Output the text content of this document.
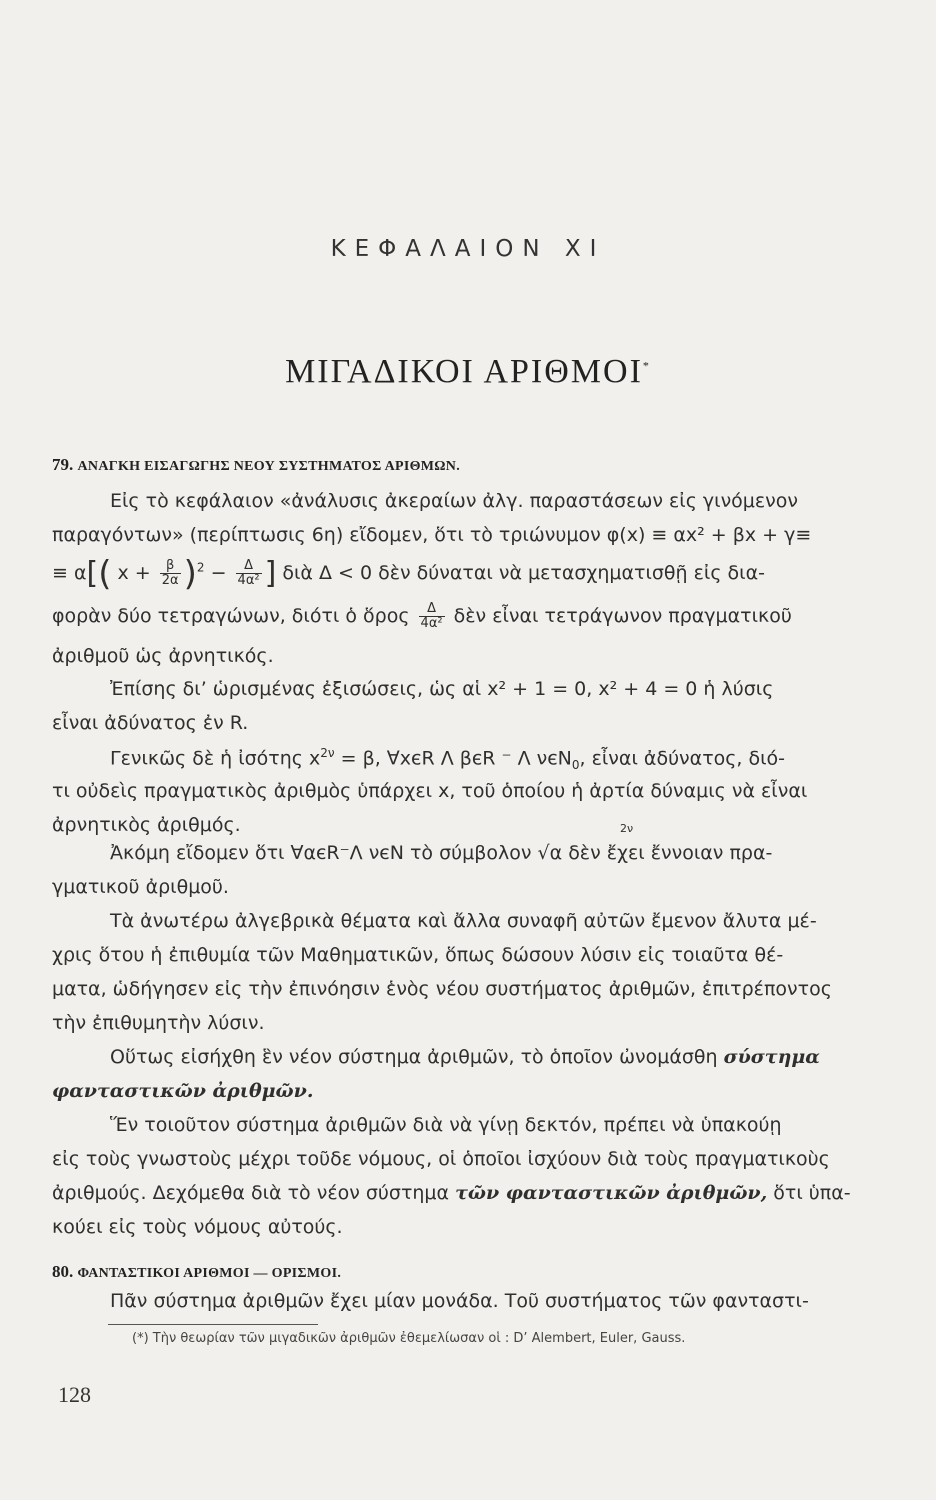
ΚΕΦΑΛΑΙΟΝ ΧΙ
ΜΙΓΑΔΙΚΟΙ ΑΡΙΘΜΟΙ*
79. ΑΝΑΓΚΗ ΕΙΣΑΓΩΓΗΣ ΝΕΟΥ ΣΥΣΤΗΜΑΤΟΣ ΑΡΙΘΜΩΝ.
Εἰς τὸ κεφάλαιον «ἀνάλυσις ἀκεραίων ἀλγ. παραστάσεων εἰς γινόμενον
παραγόντων» (περίπτωσις 6η) εἴδομεν, ὅτι τὸ τριώνυμον φ(x) ≡ αx² + βx + γ≡
≡ α[( $x + \frac{\beta}{2\alpha} )^2 - \frac{\Delta}{\text{4α²}}$ ] διὰ Δ < 0 δὲν δύναται νὰ μετασχηματισθῇ εἰς δια-
φορὰν δύο τετραγώνων, διότι ὁ ὅρος $\frac{\Delta}{\text{4α²}}$ δὲν εἶναι τετράγωνον πραγματικοῦ
ἀριθμοῦ ὡς ἀρνητικός.
Ἐπίσης δι’ ὡρισμένας ἐξισώσεις, ὡς αἱ x² + 1 = 0, x² + 4 = 0 ἡ λύσις
εἶναι ἀδύνατος ἐν R.
Γενικῶς δὲ ἡ ἰσότης $x^{2\nu} = \beta$, ∀xєR Λ βєR ⁻ Λ νєN$_0$, εἶναι ἀδύνατος, διό-
τι οὐδεὶς πραγματικὸς ἀριθμὸς ὑπάρχει x, τοῦ ὁποίου ἡ ἀρτία δύναμις νὰ εἶναι
ἀρνητικὸς ἀριθμός.	2ν
Ἀκόμη εἴδομεν ὅτι ∀αєR⁻Λ νєN τὸ σύμβολον √α δὲν ἔχει ἔννοιαν πρα-
γματικοῦ ἀριθμοῦ.
Τὰ ἀνωτέρω ἀλγεβρικὰ θέματα καὶ ἄλλα συναφῆ αὐτῶν ἔμενον ἄλυτα μέ-
χρις ὅτου ἡ ἐπιθυμία τῶν Μαθηματικῶν, ὅπως δώσουν λύσιν εἰς τοιαῦτα θέ-
ματα, ὡδήγησεν εἰς τὴν ἐπινόησιν ἑνὸς νέου συστήματος ἀριθμῶν, ἐπιτρέποντος
τὴν ἐπιθυμητὴν λύσιν.
Οὕτως εἰσήχθη ἓν νέον σύστημα ἀριθμῶν, τὸ ὁποῖον ὠνομάσθη σύστημα
φανταστικῶν ἀριθμῶν.
Ἕν τοιοῦτον σύστημα ἀριθμῶν διὰ νὰ γίνῃ δεκτόν, πρέπει νὰ ὑπακούῃ
εἰς τοὺς γνωστοὺς μέχρι τοῦδε νόμους, οἱ ὁποῖοι ἰσχύουν διὰ τοὺς πραγματικοὺς
ἀριθμούς. Δεχόμεθα διὰ τὸ νέον σύστημα τῶν φανταστικῶν ἀριθμῶν, ὅτι ὑπα-
κούει εἰς τοὺς νόμους αὐτούς.
80. ΦΑΝΤΑΣΤΙΚΟΙ ΑΡΙΘΜΟΙ — ΟΡΙΣΜΟΙ.
Πᾶν σύστημα ἀριθμῶν ἔχει μίαν μονάδα. Τοῦ συστήματος τῶν φανταστι-
(*) Τὴν θεωρίαν τῶν μιγαδικῶν ἀριθμῶν ἐθεμελίωσαν οἱ : D’ Alembert, Euler, Gauss.
128
